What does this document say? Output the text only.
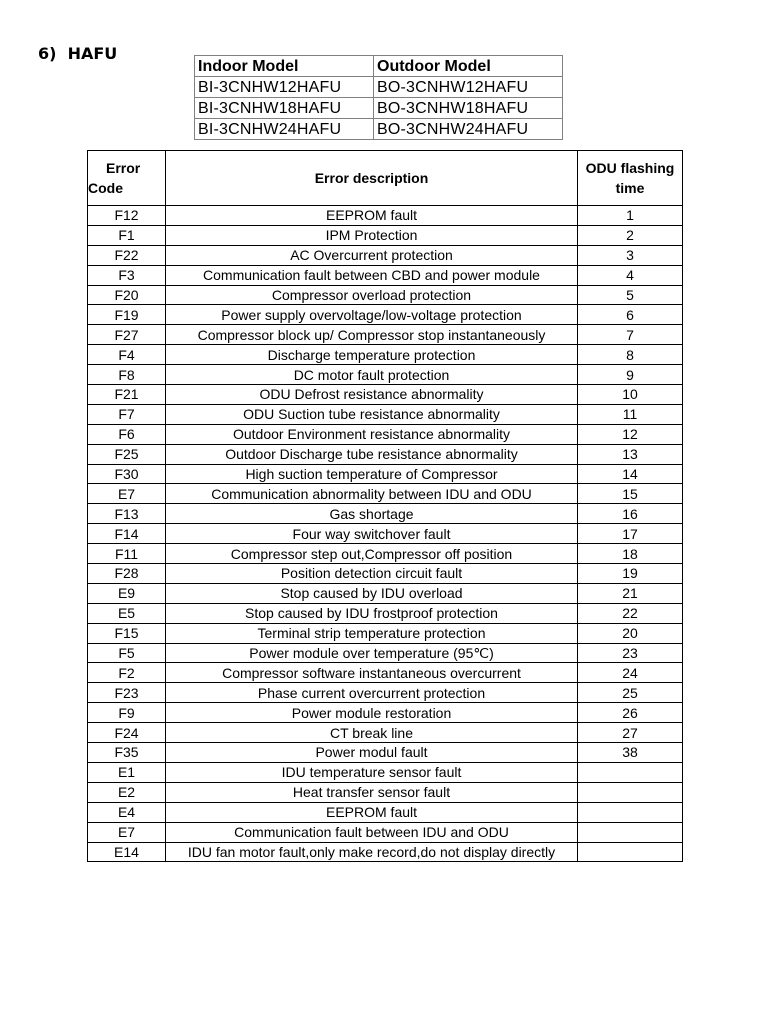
6)  HAFU
Indoor Model	Outdoor Model
BI-3CNHW12HAFU	BO-3CNHW12HAFU
BI-3CNHW18HAFU	BO-3CNHW18HAFU
BI-3CNHW24HAFU	BO-3CNHW24HAFU
Error
Code	Error description	ODU flashing
time

F12	EEPROM fault	1
F1	IPM Protection	2
F22	AC Overcurrent protection	3
F3	Communication fault between CBD and power module	4
F20	Compressor overload protection	5
F19	Power supply overvoltage/low-voltage protection	6
F27	Compressor block up/ Compressor stop instantaneously	7
F4	Discharge temperature protection	8
F8	DC motor fault protection	9
F21	ODU Defrost resistance abnormality	10
F7	ODU Suction tube resistance abnormality	11
F6	Outdoor Environment resistance abnormality	12
F25	Outdoor Discharge tube resistance abnormality	13
F30	High suction temperature of Compressor	14
E7	Communication abnormality between IDU and ODU	15
F13	Gas shortage	16
F14	Four way switchover fault	17
F11	Compressor step out,Compressor off position	18
F28	Position detection circuit fault	19
E9	Stop caused by IDU overload	21
E5	Stop caused by IDU frostproof protection	22
F15	Terminal strip temperature protection	20
F5	Power module over temperature (95℃)	23
F2	Compressor software instantaneous overcurrent	24
F23	Phase current overcurrent protection	25
F9	Power module restoration	26
F24	CT break line	27
F35	Power modul fault	38
E1	IDU temperature sensor fault	
E2	Heat transfer sensor fault	
E4	EEPROM fault	
E7	Communication fault between IDU and ODU	
E14	IDU fan motor fault,only make record,do not display directly	
